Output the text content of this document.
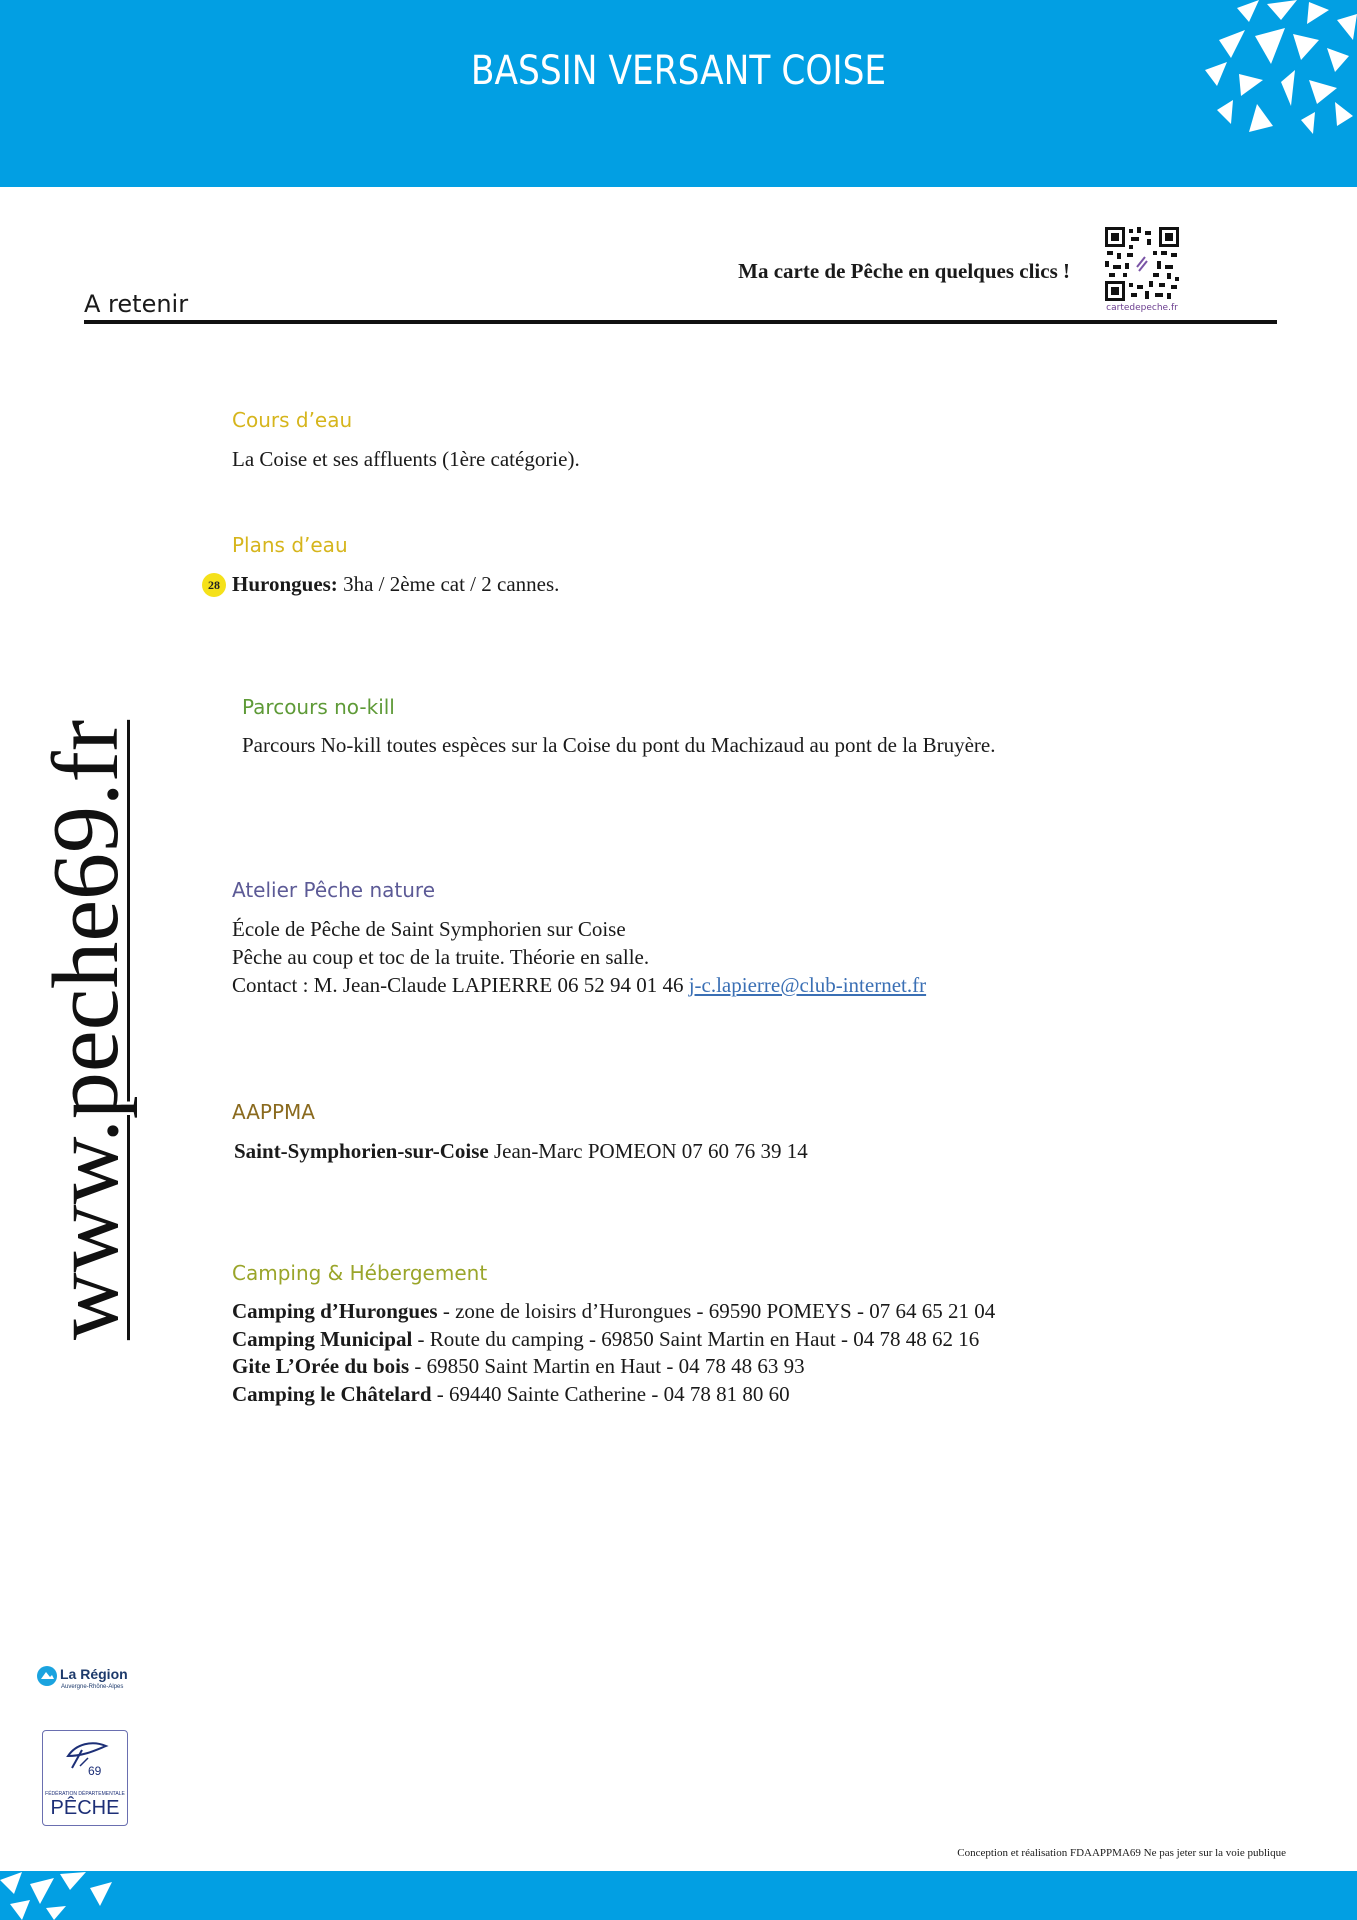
BASSIN VERSANT COISE
Ma carte de Pêche en quelques clics !
cartedepeche.fr
A retenir
www.peche69.fr
Cours d’eau
La Coise et ses affluents (1ère catégorie).
Plans d’eau
28 Hurongues: 3ha / 2ème cat / 2 cannes.
Parcours no-kill
Parcours No-kill toutes espèces sur la Coise du pont du Machizaud au pont de la Bruyère.
Atelier Pêche nature
École de Pêche de Saint Symphorien sur Coise
Pêche au coup et toc de la truite. Théorie en salle.
Contact : M. Jean-Claude LAPIERRE 06 52 94 01 46 j-c.lapierre@club-internet.fr
AAPPMA
Saint-Symphorien-sur-Coise Jean-Marc POMEON 07 60 76 39 14
Camping & Hébergement
Camping d’Hurongues - zone de loisirs d’Hurongues - 69590 POMEYS - 07 64 65 21 04
Camping Municipal - Route du camping - 69850 Saint Martin en Haut - 04 78 48 62 16
Gite L’Orée du bois - 69850 Saint Martin en Haut - 04 78 48 63 93
Camping le Châtelard - 69440 Sainte Catherine - 04 78 81 80 60
La Région
Auvergne-Rhône-Alpes
69
FÉDÉRATION DÉPARTEMENTALE
PÊCHE
Conception et réalisation FDAAPPMA69 Ne pas jeter sur la voie publique
